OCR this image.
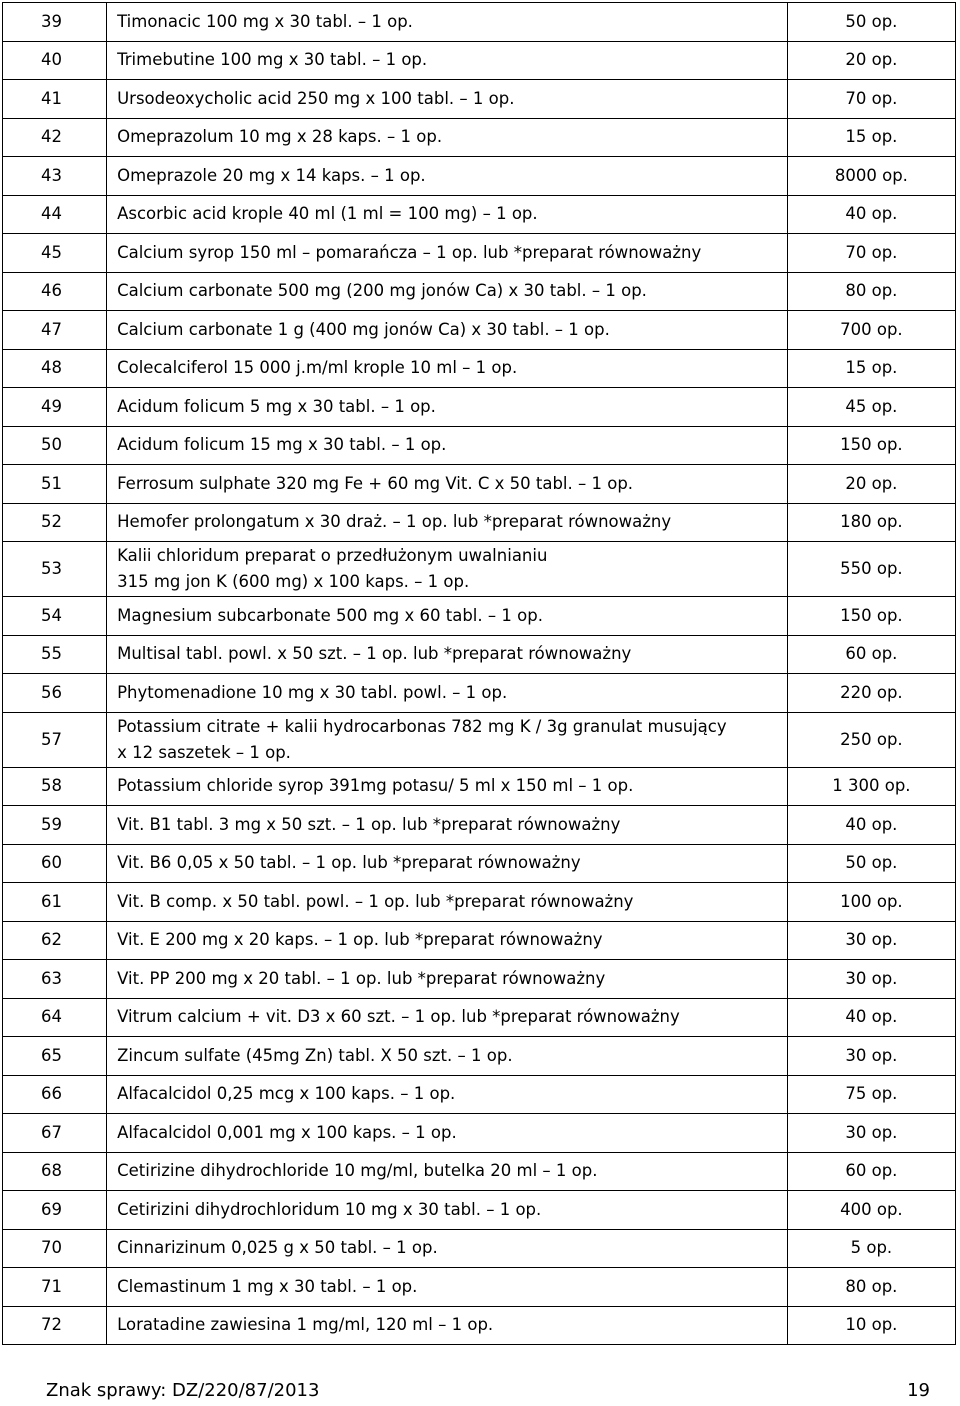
39	Timonacic 100 mg x 30 tabl. – 1 op.	50 op.
40	Trimebutine 100 mg x 30 tabl. – 1 op.	20 op.
41	Ursodeoxycholic acid 250 mg x 100 tabl. – 1 op.	70 op.
42	Omeprazolum 10 mg x 28 kaps. – 1 op.	15 op.
43	Omeprazole 20 mg x 14 kaps. – 1 op.	8000 op.
44	Ascorbic acid krople 40 ml (1 ml = 100 mg) – 1 op.	40 op.
45	Calcium syrop 150 ml – pomarańcza – 1 op. lub *preparat równoważny	70 op.
46	Calcium carbonate 500 mg (200 mg jonów Ca) x 30 tabl. – 1 op.	80 op.
47	Calcium carbonate 1 g (400 mg jonów Ca) x 30 tabl. – 1 op.	700 op.
48	Colecalciferol 15 000 j.m/ml krople 10 ml – 1 op.	15 op.
49	Acidum folicum 5 mg x 30 tabl. – 1 op.	45 op.
50	Acidum folicum 15 mg x 30 tabl. – 1 op.	150 op.
51	Ferrosum sulphate 320 mg Fe + 60 mg Vit. C x 50 tabl. – 1 op.	20 op.
52	Hemofer prolongatum x 30 draż. – 1 op. lub *preparat równoważny	180 op.
53	Kalii chloridum preparat o przedłużonym uwalnianiu
315 mg jon K (600 mg) x 100 kaps. – 1 op.	550 op.
54	Magnesium subcarbonate 500 mg x 60 tabl. – 1 op.	150 op.
55	Multisal tabl. powl. x 50 szt. – 1 op. lub *preparat równoważny	60 op.
56	Phytomenadione 10 mg x 30 tabl. powl. – 1 op.	220 op.
57	Potassium citrate + kalii hydrocarbonas 782 mg K / 3g granulat musujący
x 12 saszetek – 1 op.	250 op.
58	Potassium chloride syrop 391mg potasu/ 5 ml x 150 ml – 1 op.	1 300 op.
59	Vit. B1 tabl. 3 mg x 50 szt. – 1 op. lub *preparat równoważny	40 op.
60	Vit. B6 0,05 x 50 tabl. – 1 op. lub *preparat równoważny	50 op.
61	Vit. B comp. x 50 tabl. powl. – 1 op. lub *preparat równoważny	100 op.
62	Vit. E 200 mg x 20 kaps. – 1 op. lub *preparat równoważny	30 op.
63	Vit. PP 200 mg x 20 tabl. – 1 op. lub *preparat równoważny	30 op.
64	Vitrum calcium + vit. D3 x 60 szt. – 1 op. lub *preparat równoważny	40 op.
65	Zincum sulfate (45mg Zn) tabl. X 50 szt. – 1 op.	30 op.
66	Alfacalcidol 0,25 mcg x 100 kaps. – 1 op.	75 op.
67	Alfacalcidol 0,001 mg x 100 kaps. – 1 op.	30 op.
68	Cetirizine dihydrochloride 10 mg/ml, butelka 20 ml – 1 op.	60 op.
69	Cetirizini dihydrochloridum 10 mg x 30 tabl. – 1 op.	400 op.
70	Cinnarizinum 0,025 g x 50 tabl. – 1 op.	5 op.
71	Clemastinum 1 mg x 30 tabl. – 1 op.	80 op.
72	Loratadine zawiesina 1 mg/ml, 120 ml – 1 op.	10 op.
Znak sprawy: DZ/220/87/2013	19
